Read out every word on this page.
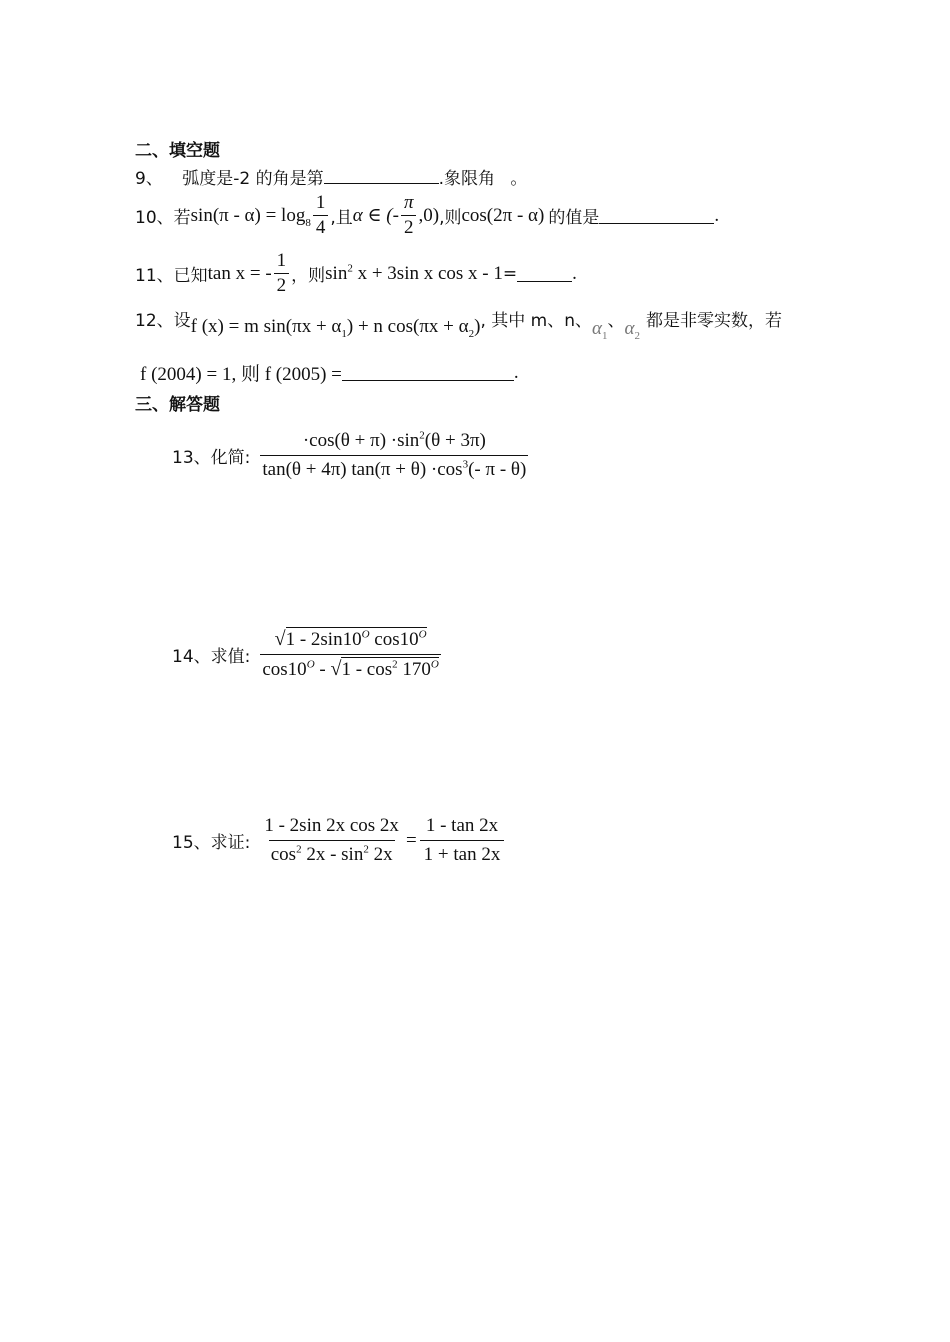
二、填空题
9、 弧度是-2 的角是第	.象限角 。
10、 若 $\sin(\pi - \alpha) = \log_8 \frac{1}{4}$ ,且 α ∈ (- $\frac{\pi}{2} ,0$) ,则 cos(2π - α) 的值是	.
11、 已知 tan x = - $\frac{1}{2}$ ，则 $\sin^2 x + 3\sin$ x cos x - 1 =	.
12、 设 f (x) = m $\sin(\pi x + \alpha_1) + n$ $\cos(\pi x + \alpha_2)$ , 其中 m、n、 $\alpha_1$
、 $\alpha_2$
都是非零实数，若
f (2004) = 1, 则 f (2005) =	.
三、解答题
13、化简: $\frac{\cdot\cos(\theta + \pi) \cdot\sin^2(\theta + 3\pi)}{\tan(\theta + 4\pi) \tan(\pi + \theta) \cdot\cos^3(- \pi - \theta)}$
14、求值: $\frac{√1 - 2\sin 10^O \cos 10^O}{\cos 10^O - √1 - \cos^2 170^O}$
15、求证: $\frac{\text{1 - 2sin 2x cos 2x}}{\cos^2 2x - \sin^2 2x} = \frac{1 - \tan 2x}{1 + \tan 2x}$
